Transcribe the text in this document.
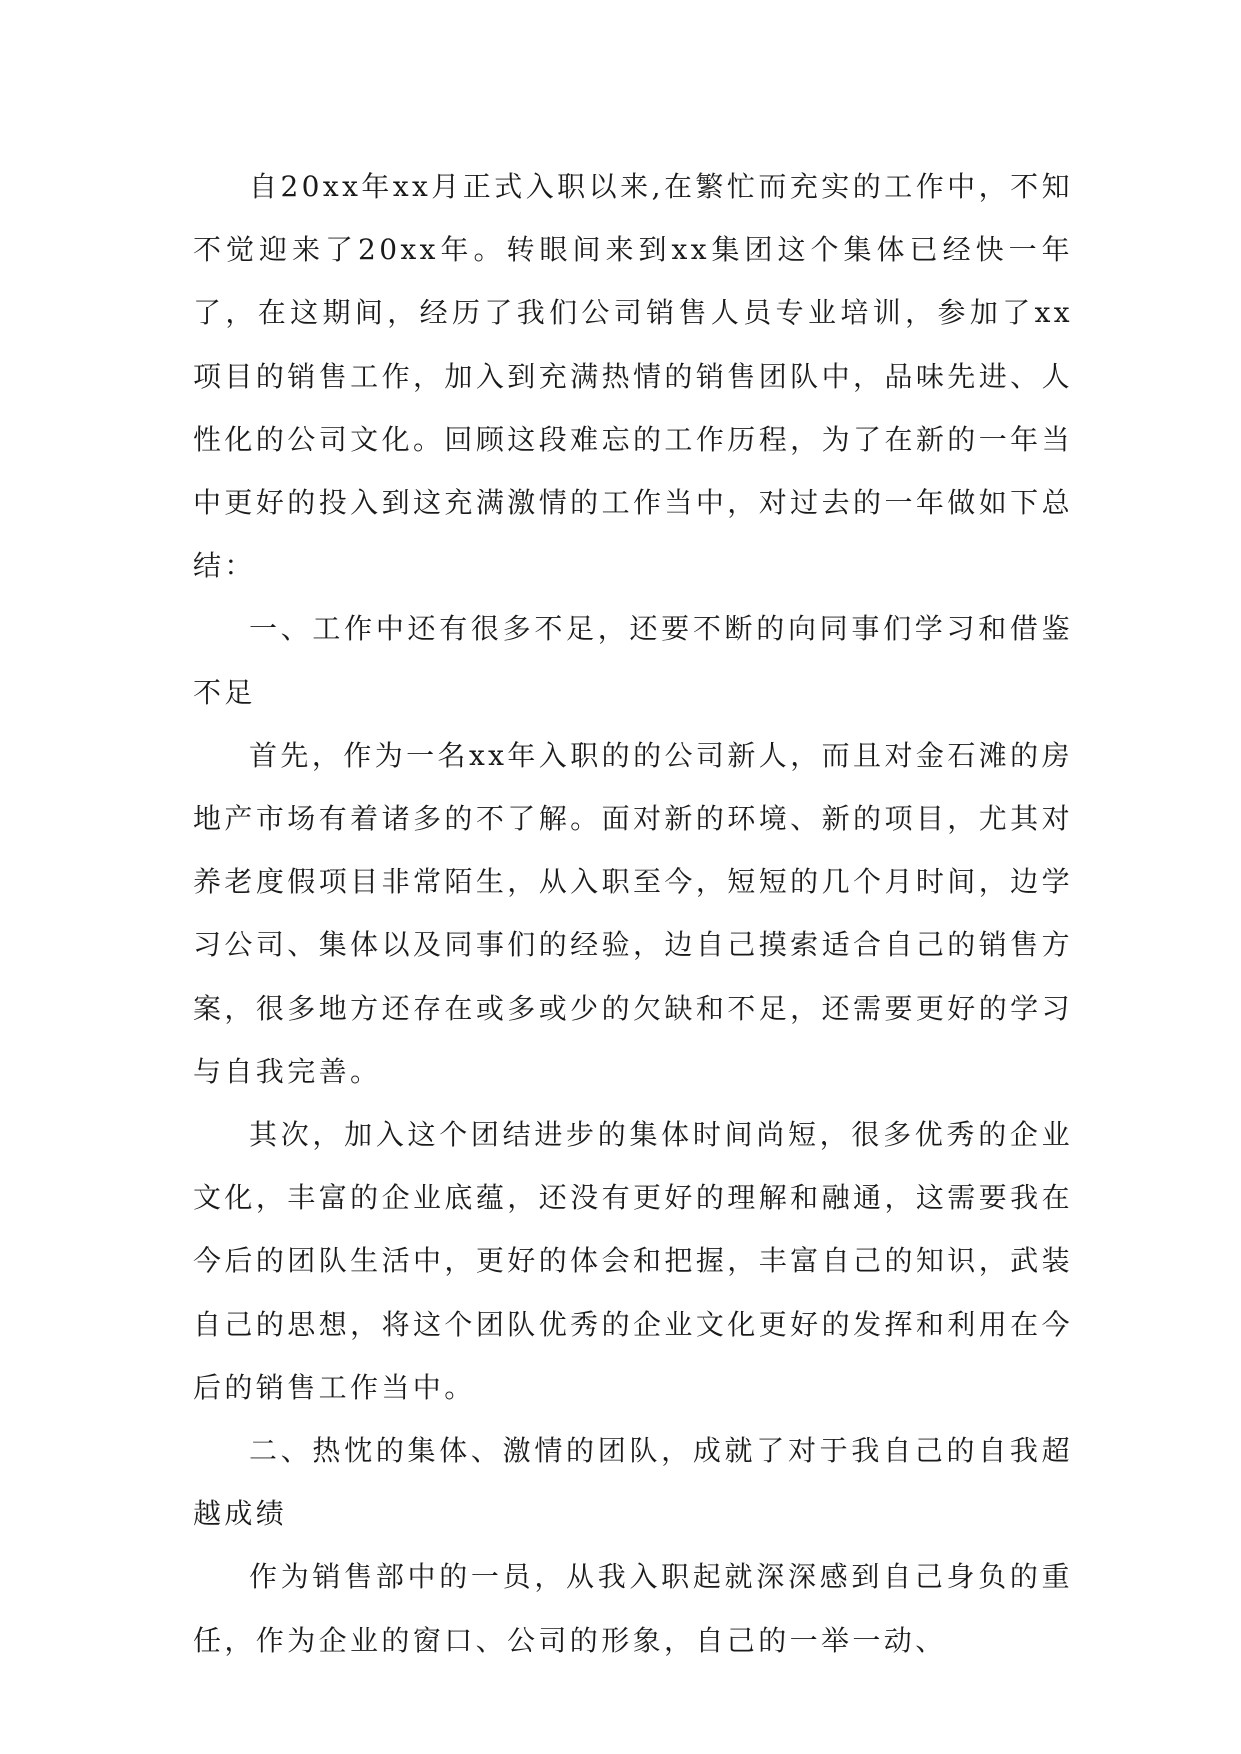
自20xx年xx月正式入职以来,在繁忙而充实的工作中，不知不觉迎来了20xx年。转眼间来到xx集团这个集体已经快一年了，在这期间，经历了我们公司销售人员专业培训，参加了xx项目的销售工作，加入到充满热情的销售团队中，品味先进、人性化的公司文化。回顾这段难忘的工作历程，为了在新的一年当中更好的投入到这充满激情的工作当中，对过去的一年做如下总结：

一、工作中还有很多不足，还要不断的向同事们学习和借鉴不足

首先，作为一名xx年入职的的公司新人，而且对金石滩的房地产市场有着诸多的不了解。面对新的环境、新的项目，尤其对养老度假项目非常陌生，从入职至今，短短的几个月时间，边学习公司、集体以及同事们的经验，边自己摸索适合自己的销售方案，很多地方还存在或多或少的欠缺和不足，还需要更好的学习与自我完善。

其次，加入这个团结进步的集体时间尚短，很多优秀的企业文化，丰富的企业底蕴，还没有更好的理解和融通，这需要我在今后的团队生活中，更好的体会和把握，丰富自己的知识，武装自己的思想，将这个团队优秀的企业文化更好的发挥和利用在今后的销售工作当中。

二、热忱的集体、激情的团队，成就了对于我自己的自我超越成绩

作为销售部中的一员，从我入职起就深深感到自己身负的重任，作为企业的窗口、公司的形象，自己的一举一动、
